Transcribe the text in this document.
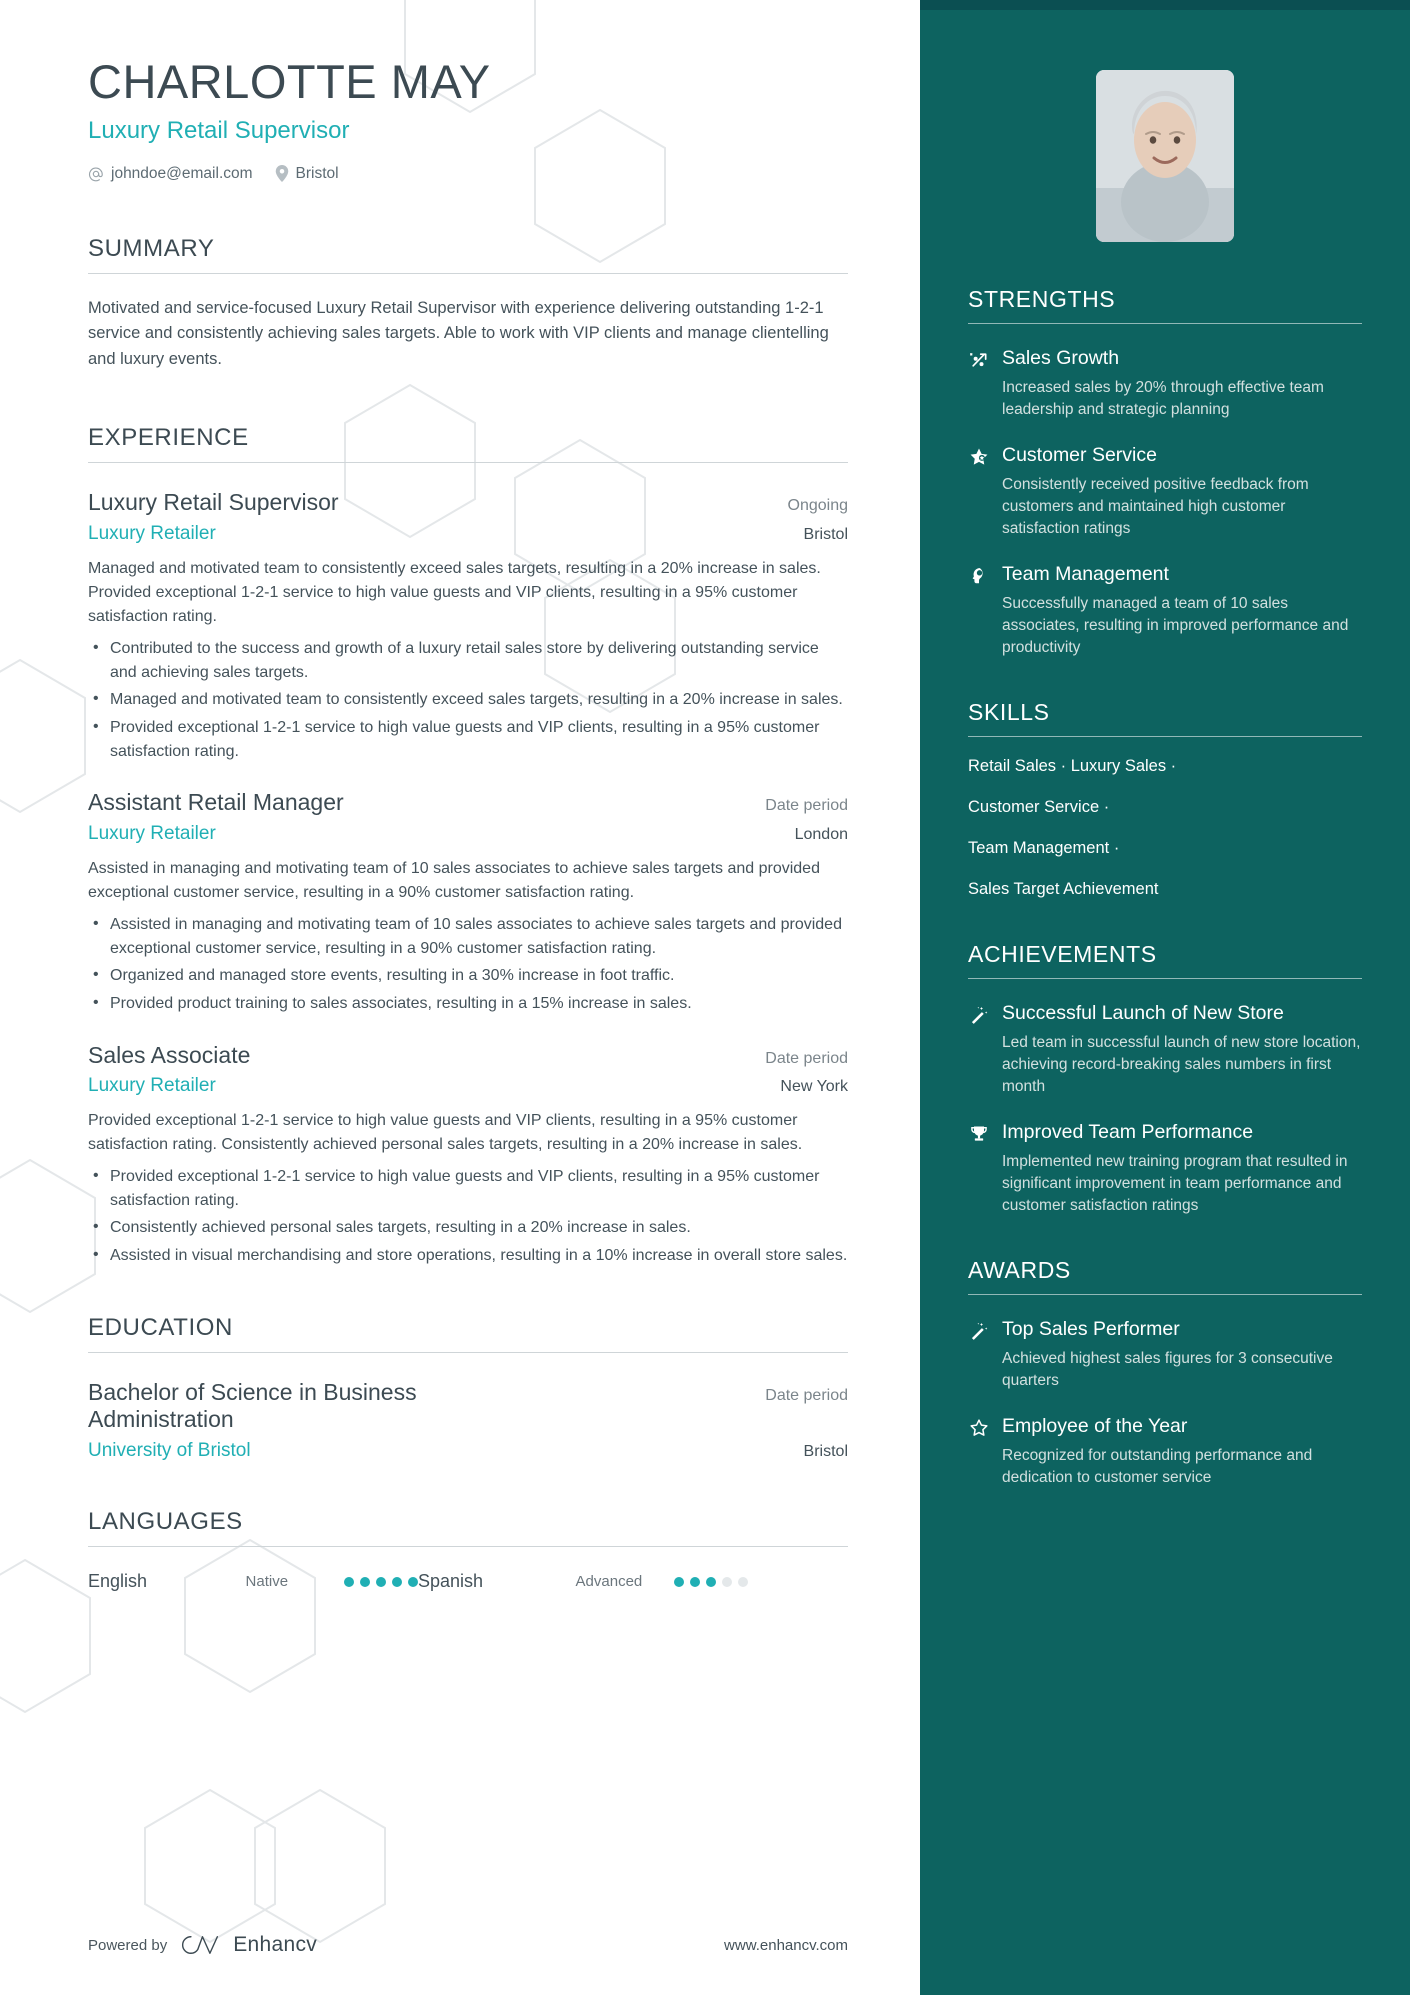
CHARLOTTE MAY
Luxury Retail Supervisor
johndoe@email.com	Bristol
SUMMARY

Motivated and service-focused Luxury Retail Supervisor with experience delivering outstanding 1-2-1 service and consistently achieving sales targets. Able to work with VIP clients and manage clientelling and luxury events.

EXPERIENCE
Luxury Retail Supervisor	Ongoing
Luxury Retailer	Bristol

Managed and motivated team to consistently exceed sales targets, resulting in a 20% increase in sales. Provided exceptional 1-2-1 service to high value guests and VIP clients, resulting in a 95% customer satisfaction rating.

• Contributed to the success and growth of a luxury retail sales store by delivering outstanding service and achieving sales targets.
• Managed and motivated team to consistently exceed sales targets, resulting in a 20% increase in sales.
• Provided exceptional 1-2-1 service to high value guests and VIP clients, resulting in a 95% customer satisfaction rating.
Assistant Retail Manager	Date period
Luxury Retailer	London

Assisted in managing and motivating team of 10 sales associates to achieve sales targets and provided exceptional customer service, resulting in a 90% customer satisfaction rating.

• Assisted in managing and motivating team of 10 sales associates to achieve sales targets and provided exceptional customer service, resulting in a 90% customer satisfaction rating.
• Organized and managed store events, resulting in a 30% increase in foot traffic.
• Provided product training to sales associates, resulting in a 15% increase in sales.
Sales Associate	Date period
Luxury Retailer	New York

Provided exceptional 1-2-1 service to high value guests and VIP clients, resulting in a 95% customer satisfaction rating. Consistently achieved personal sales targets, resulting in a 20% increase in sales.

• Provided exceptional 1-2-1 service to high value guests and VIP clients, resulting in a 95% customer satisfaction rating.
• Consistently achieved personal sales targets, resulting in a 20% increase in sales.
• Assisted in visual merchandising and store operations, resulting in a 10% increase in overall store sales.
EDUCATION
Bachelor of Science in Business Administration
Date period
University of Bristol	Bristol
LANGUAGES
English	Native	Spanish	Advanced
Powered by	Enhancv	www.enhancv.com
STRENGTHS
Sales Growth
Increased sales by 20% through effective team leadership and strategic planning
Customer Service
Consistently received positive feedback from customers and maintained high customer satisfaction ratings
Team Management
Successfully managed a team of 10 sales associates, resulting in improved performance and productivity
SKILLS
Retail Sales · Luxury Sales ·
Customer Service ·
Team Management ·
Sales Target Achievement
ACHIEVEMENTS
Successful Launch of New Store
Led team in successful launch of new store location, achieving record-breaking sales numbers in first month
Improved Team Performance
Implemented new training program that resulted in significant improvement in team performance and customer satisfaction ratings
AWARDS
Top Sales Performer
Achieved highest sales figures for 3 consecutive quarters
Employee of the Year
Recognized for outstanding performance and dedication to customer service
